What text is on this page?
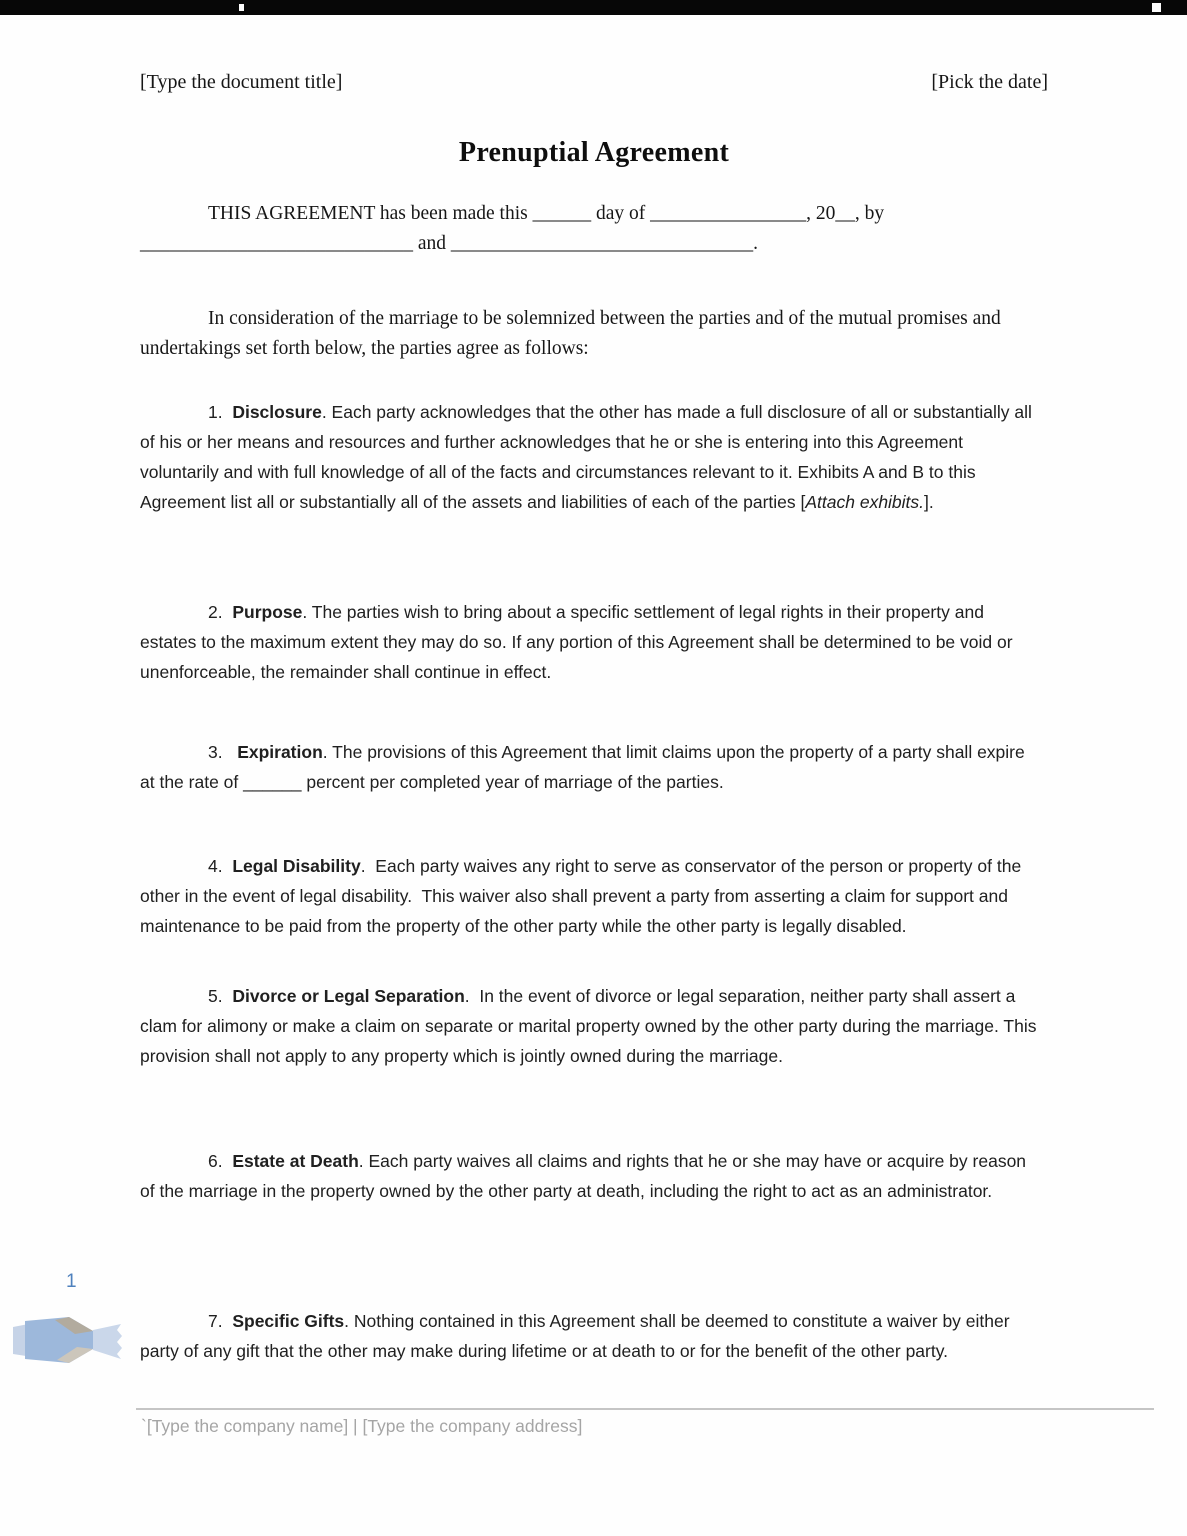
[Type the document title]	[Pick the date]
Prenuptial Agreement
THIS AGREEMENT has been made this ______ day of ________________, 20__, by
____________________________ and _______________________________.

In consideration of the marriage to be solemnized between the parties and of the mutual promises and undertakings set forth below, the parties agree as follows:

1.  Disclosure. Each party acknowledges that the other has made a full disclosure of all or substantially all of his or her means and resources and further acknowledges that he or she is entering into this Agreement voluntarily and with full knowledge of all of the facts and circumstances relevant to it. Exhibits A and B to this Agreement list all or substantially all of the assets and liabilities of each of the parties [Attach exhibits.].

2.  Purpose. The parties wish to bring about a specific settlement of legal rights in their property and estates to the maximum extent they may do so. If any portion of this Agreement shall be determined to be void or unenforceable, the remainder shall continue in effect.

3.   Expiration. The provisions of this Agreement that limit claims upon the property of a party shall expire at the rate of ______ percent per completed year of marriage of the parties.

4.  Legal Disability.  Each party waives any right to serve as conservator of the person or property of the other in the event of legal disability.  This waiver also shall prevent a party from asserting a claim for support and maintenance to be paid from the property of the other party while the other party is legally disabled.

5.  Divorce or Legal Separation.  In the event of divorce or legal separation, neither party shall assert a clam for alimony or make a claim on separate or marital property owned by the other party during the marriage. This provision shall not apply to any property which is jointly owned during the marriage.

6.  Estate at Death. Each party waives all claims and rights that he or she may have or acquire by reason of the marriage in the property owned by the other party at death, including the right to act as an administrator.

7.  Specific Gifts. Nothing contained in this Agreement shall be deemed to constitute a waiver by either party of any gift that the other may make during lifetime or at death to or for the benefit of the other party.

1
`[Type the company name] | [Type the company address]
